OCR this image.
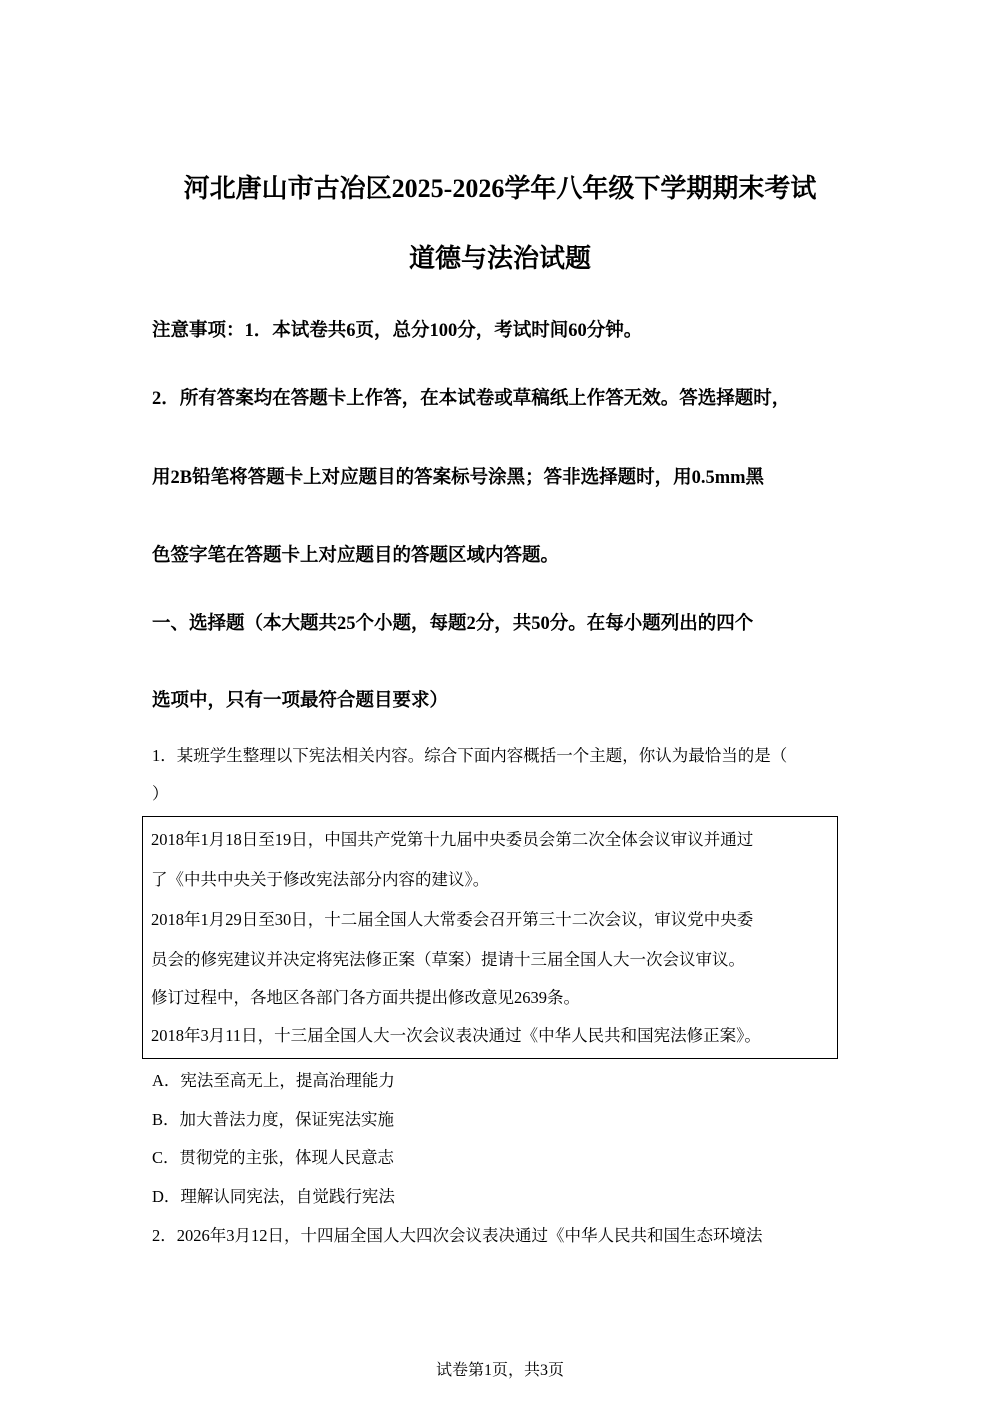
河北唐山市古冶区2025-2026学年八年级下学期期末考试
道德与法治试题
注意事项：1．本试卷共6页，总分100分，考试时间60分钟。
2．所有答案均在答题卡上作答，在本试卷或草稿纸上作答无效。答选择题时，
用2B铅笔将答题卡上对应题目的答案标号涂黑；答非选择题时，用0.5mm黑
色签字笔在答题卡上对应题目的答题区域内答题。
一、选择题（本大题共25个小题，每题2分，共50分。在每小题列出的四个
选项中，只有一项最符合题目要求）
1．某班学生整理以下宪法相关内容。综合下面内容概括一个主题，你认为最恰当的是（
）
2018年1月18日至19日，中国共产党第十九届中央委员会第二次全体会议审议并通过
了《中共中央关于修改宪法部分内容的建议》。
2018年1月29日至30日，十二届全国人大常委会召开第三十二次会议，审议党中央委
员会的修宪建议并决定将宪法修正案（草案）提请十三届全国人大一次会议审议。
修订过程中，各地区各部门各方面共提出修改意见2639条。
2018年3月11日，十三届全国人大一次会议表决通过《中华人民共和国宪法修正案》。
A．宪法至高无上，提高治理能力
B．加大普法力度，保证宪法实施
C．贯彻党的主张，体现人民意志
D．理解认同宪法，自觉践行宪法
2．2026年3月12日，十四届全国人大四次会议表决通过《中华人民共和国生态环境法
试卷第1页，共3页
